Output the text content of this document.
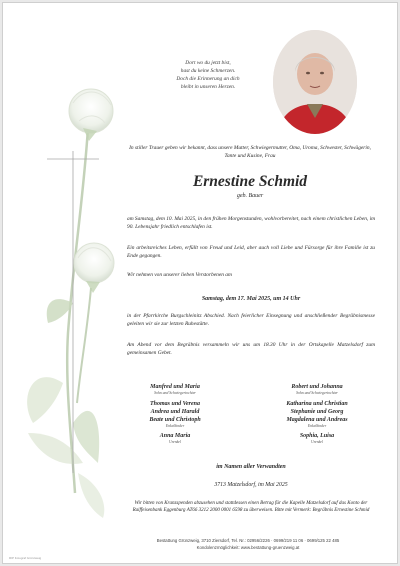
Dort wo du jetzt bist,
hast du keine Schmerzen.
Doch die Erinnerung an dich
bleibt in unseren Herzen.
In stiller Trauer geben wir bekannt, dass unsere Mutter, Schwiegermutter, Oma, Uroma, Schwester, Schwägerin, Tante und Kusine, Frau
Ernestine Schmid
geb. Bauer
am Samstag, dem 10. Mai 2025, in den frühen Morgenstunden, wohlvorbereitet, nach einem christlichen Leben, im 90. Lebensjahr friedlich entschlafen ist.
Ein arbeitsreiches Leben, erfüllt von Freud und Leid, aber auch voll Liebe und Fürsorge für ihre Familie ist zu Ende gegangen.
Wir nehmen von unserer lieben Verstorbenen am
Samstag, dem 17. Mai 2025, um 14 Uhr
in der Pfarrkirche Burgschleinitz Abschied. Nach feierlicher Einsegnung und anschließender Begräbnismesse geleiten wir sie zur letzten Ruhestätte.
Am Abend vor dem Begräbnis versammeln wir uns um 18.30 Uhr in der Ortskapelle Matzelsdorf zum gemeinsamen Gebet.
Manfred und Maria
Sohn und Schwiegertochter
Thomas und Verena
Andrea und Harald
Beate und Christoph
Enkelkinder
Anna Maria
Urenkel
Robert und Johanna
Sohn und Schwiegertochter
Katharina und Christian
Stephanie und Georg
Magdalena und Andreas
Enkelkinder
Sophia, Luisa
Urenkel
im Namen aller Verwandten
3713 Matzelsdorf, im Mai 2025
Wir bitten von Kranzspenden abzusehen und stattdessen einen Betrag für die Kapelle Matzelsdorf auf das Konto der Raiffeisenbank Eggenburg AT66 3212 2000 0001 6598 zu überweisen. Bitte mit Vermerk: Begräbnis Ernestine Schmid
Bestattung Grünzweig, 3710 Ziersdorf, Tel. Nr.: 02956/2226 · 0699/219 11 06 · 0699/125 22 485
Kondolenzmöglichkeit: www.bestattung-gruenzweig.at
RIP Fotograf Grünzweig
